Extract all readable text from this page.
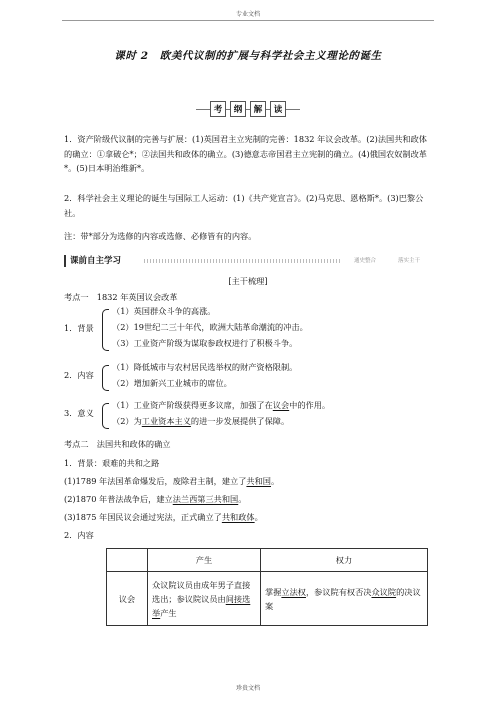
专业文档
课时 2　欧美代议制的扩展与科学社会主义理论的诞生
考	纲	解	读
1．资产阶级代议制的完善与扩展：(1)英国君主立宪制的完善：1832 年议会改革。(2)法国共和政体的确立：①拿破仑*；②法国共和政体的确立。(3)德意志帝国君主立宪制的确立。(4)俄国农奴制改革*。(5)日本明治维新*。
2．科学社会主义理论的诞生与国际工人运动：(1)《共产党宣言》。(2)马克思、恩格斯*。(3)巴黎公社。
注：带*部分为选修的内容或选修、必修皆有的内容。
课前自主学习	通史整合	落实主干
[主干梳理]
考点一　1832 年英国议会改革
1．背景
（1）英国群众斗争的高涨。
（2）19世纪二三十年代，欧洲大陆革命潮流的冲击。
（3）工业资产阶级为谋取参政权进行了积极斗争。
2．内容
（1）降低城市与农村居民选举权的财产资格限制。
（2）增加新兴工业城市的席位。
3．意义
（1）工业资产阶级获得更多议席，加强了在议会中的作用。
（2）为工业资本主义的进一步发展提供了保障。
考点二　法国共和政体的确立
1．背景：艰难的共和之路
(1)1789 年法国革命爆发后，废除君主制，建立了共和国。
(2)1870 年普法战争后，建立法兰西第三共和国。
(3)1875 年国民议会通过宪法，正式确立了共和政体。
2．内容
	产生	权力
议会	众议院议员由成年男子直接选出；参议院议员由间接选举产生	掌握立法权，参议院有权否决众议院的决议案
珍贵文档
